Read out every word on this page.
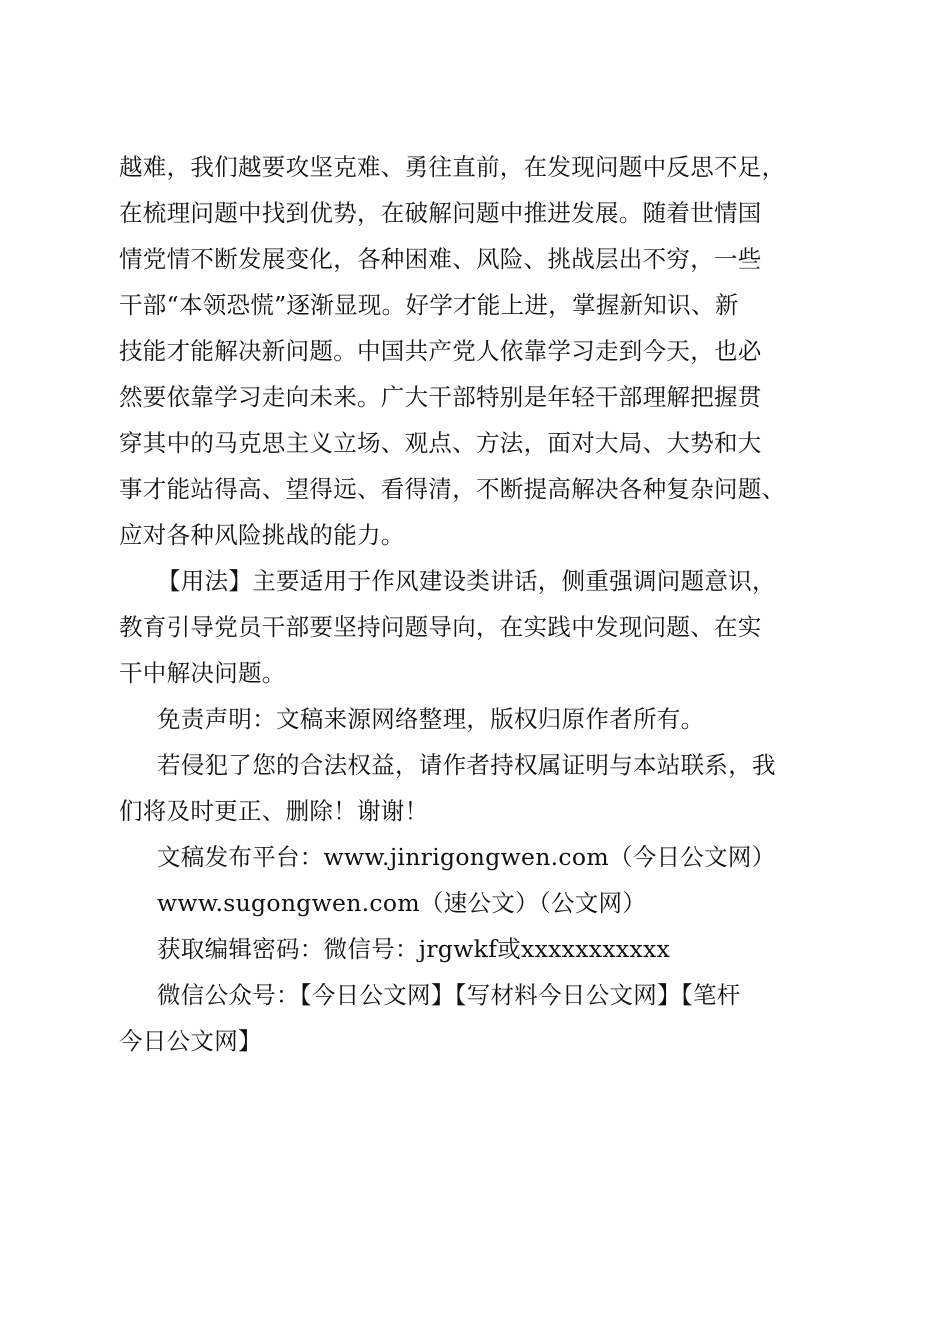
越难，我们越要攻坚克难、勇往直前，在发现问题中反思不足，
在梳理问题中找到优势，在破解问题中推进发展。随着世情国
情党情不断发展变化，各种困难、风险、挑战层出不穷，一些
干部“本领恐慌”逐渐显现。好学才能上进，掌握新知识、新
技能才能解决新问题。中国共产党人依靠学习走到今天，也必
然要依靠学习走向未来。广大干部特别是年轻干部理解把握贯
穿其中的马克思主义立场、观点、方法，面对大局、大势和大
事才能站得高、望得远、看得清，不断提高解决各种复杂问题、
应对各种风险挑战的能力。
【用法】主要适用于作风建设类讲话，侧重强调问题意识，
教育引导党员干部要坚持问题导向，在实践中发现问题、在实
干中解决问题。
免责声明：文稿来源网络整理，版权归原作者所有。
若侵犯了您的合法权益，请作者持权属证明与本站联系，我
们将及时更正、删除！谢谢！
文稿发布平台：www.jinrigongwen.com（今日公文网）
www.sugongwen.com（速公文）（公文网）
获取编辑密码：微信号：jrgwkf或xxxxxxxxxxx
微信公众号：【今日公文网】【写材料今日公文网】【笔杆
今日公文网】
